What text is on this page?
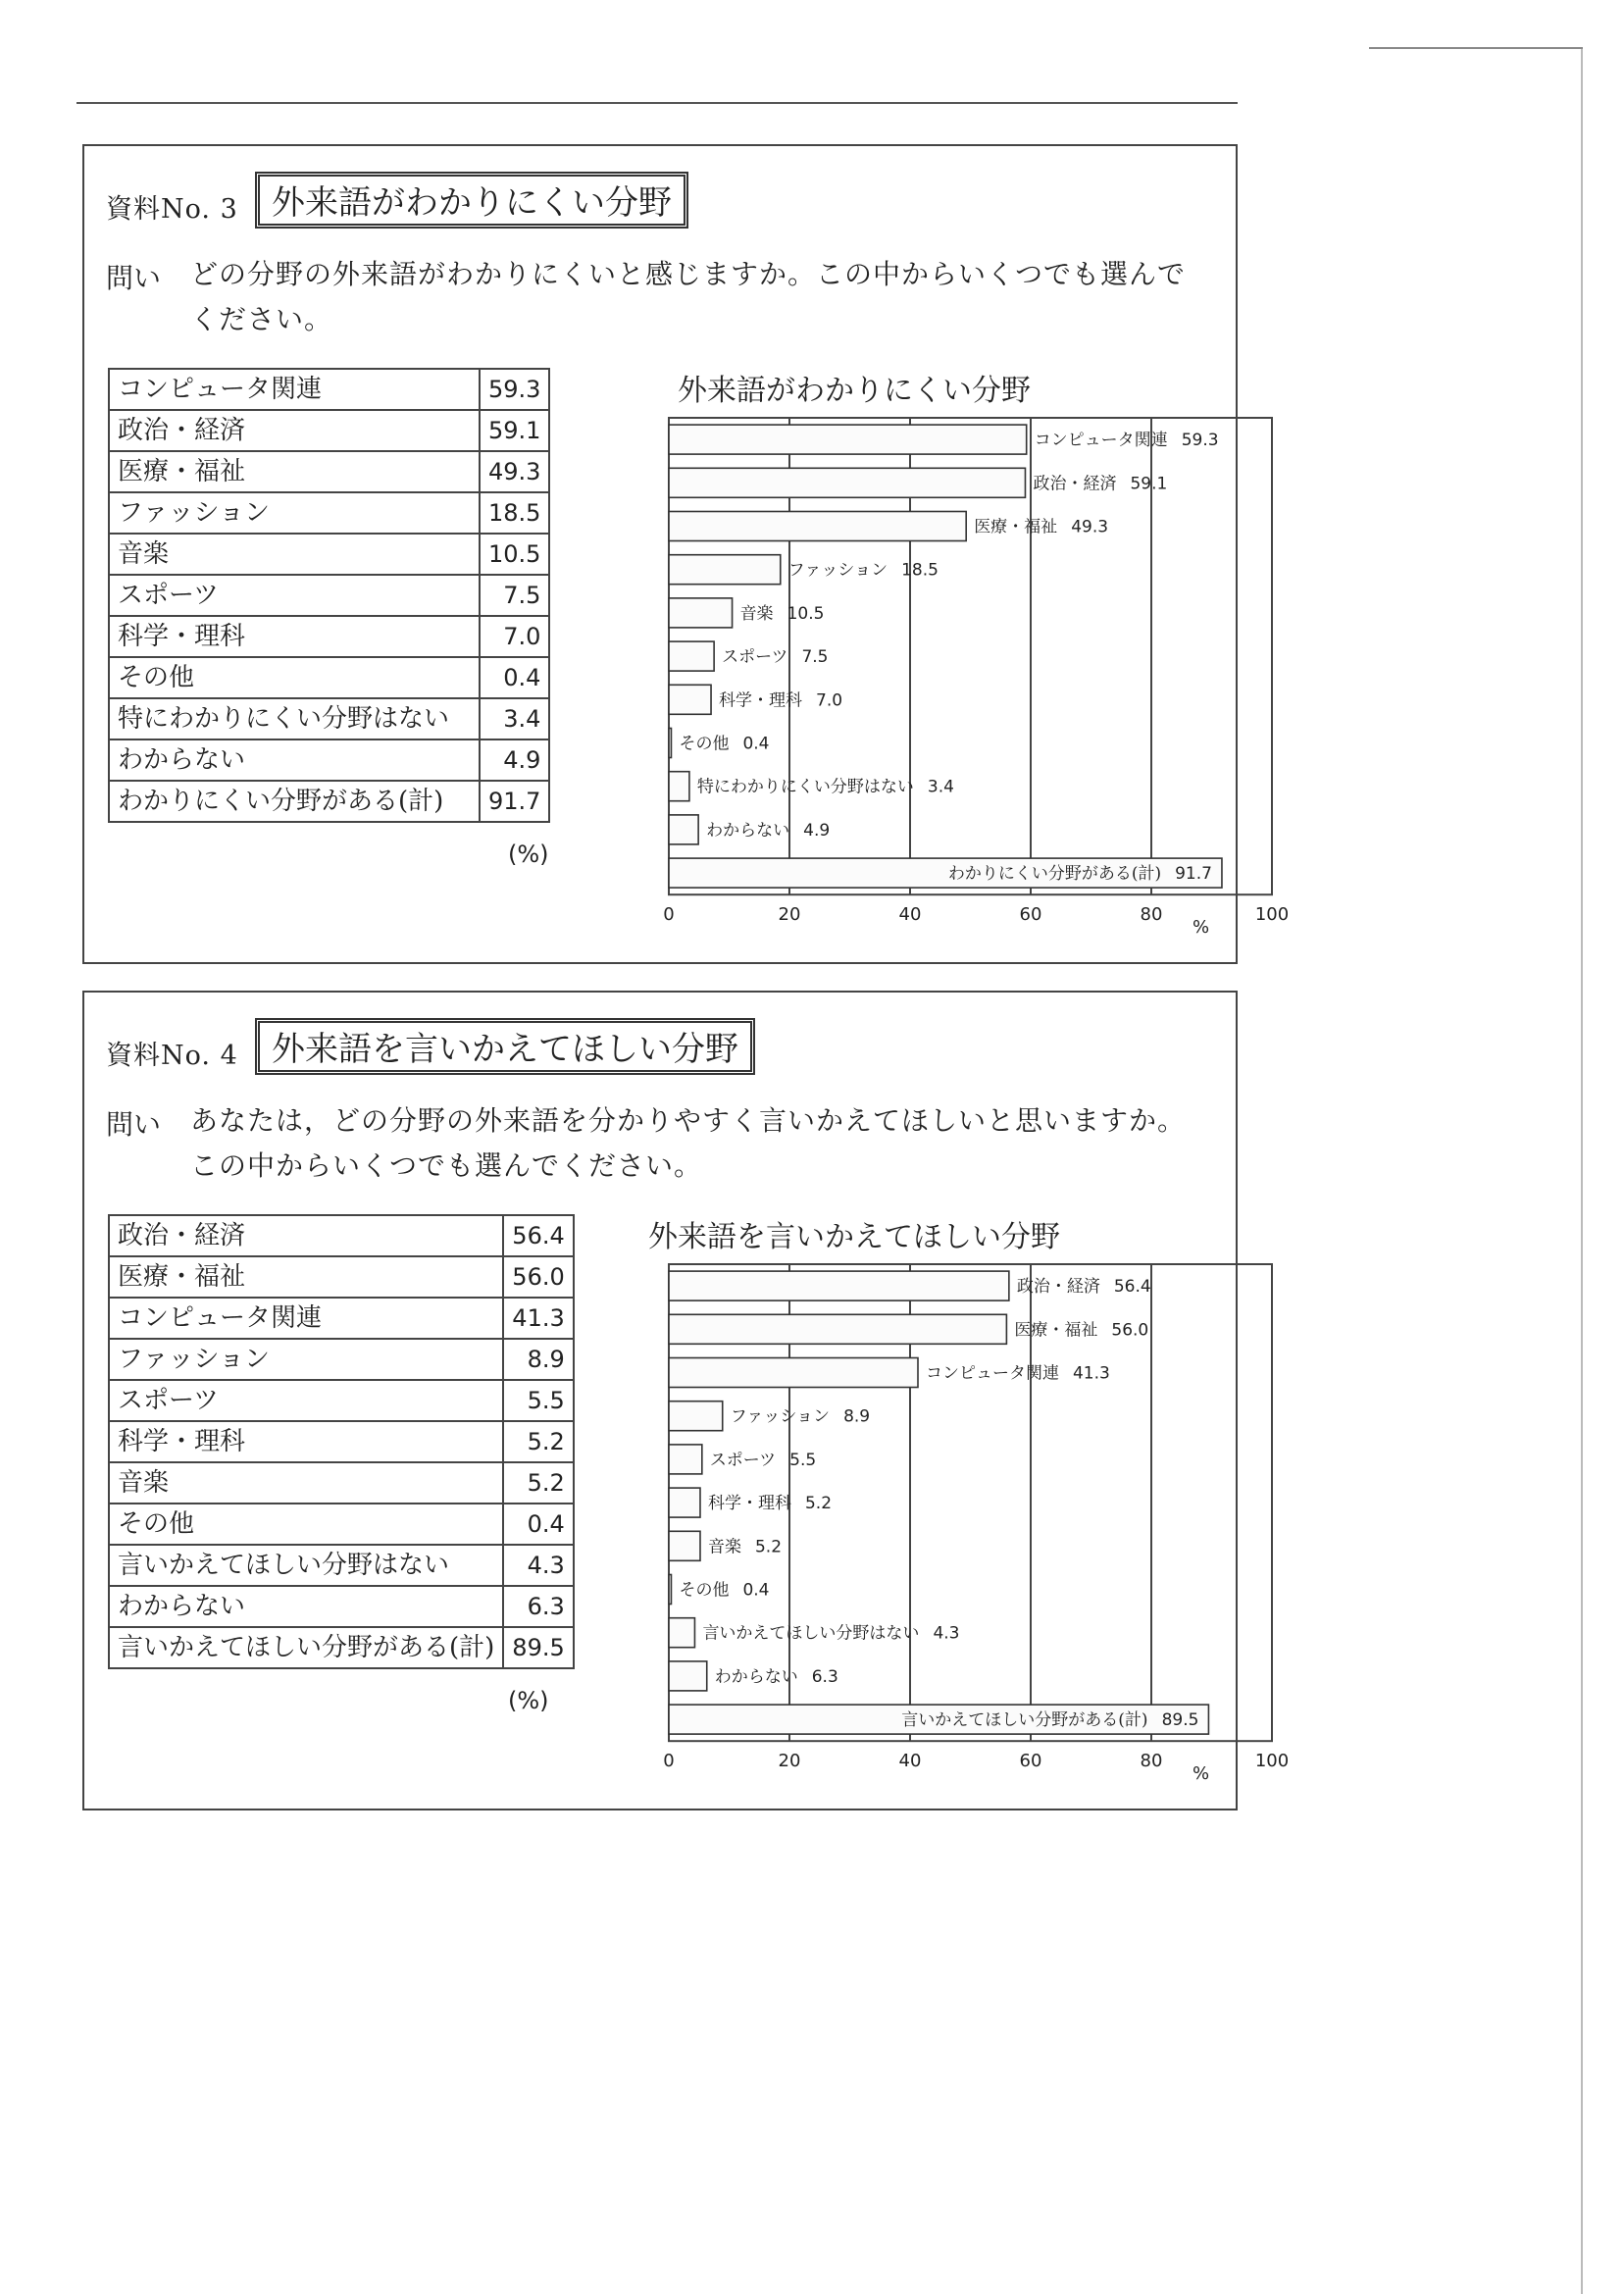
資料No. 3	外来語がわかりにくい分野
問い どの分野の外来語がわかりにくいと感じますか。この中からいくつでも選んでください。
コンピュータ関連	59.3
政治・経済	59.1
医療・福祉	49.3
ファッション	18.5
音楽	10.5
スポーツ	7.5
科学・理科	7.0
その他	0.4
特にわかりにくい分野はない	3.4
わからない	4.9
わかりにくい分野がある(計)	91.7
(%)
外来語がわかりにくい分野
0	20	40	60	80	100
コンピュータ関連 59.3
政治・経済 59.1
医療・福祉 49.3
ファッション 18.5
音楽 10.5
スポーツ 7.5
科学・理科 7.0
その他 0.4
特にわかりにくい分野はない 3.4
わからない 4.9
わかりにくい分野がある(計) 91.7
%
資料No. 4	外来語を言いかえてほしい分野
問い あなたは，どの分野の外来語を分かりやすく言いかえてほしいと思いますか。この中からいくつでも選んでください。
政治・経済	56.4
医療・福祉	56.0
コンピュータ関連	41.3
ファッション	8.9
スポーツ	5.5
科学・理科	5.2
音楽	5.2
その他	0.4
言いかえてほしい分野はない	4.3
わからない	6.3
言いかえてほしい分野がある(計)	89.5
(%)
外来語を言いかえてほしい分野
0	20	40	60	80	100
政治・経済 56.4
医療・福祉 56.0
コンピュータ関連 41.3
ファッション 8.9
スポーツ 5.5
科学・理科 5.2
音楽 5.2
その他 0.4
言いかえてほしい分野はない 4.3
わからない 6.3
言いかえてほしい分野がある(計) 89.5
%
